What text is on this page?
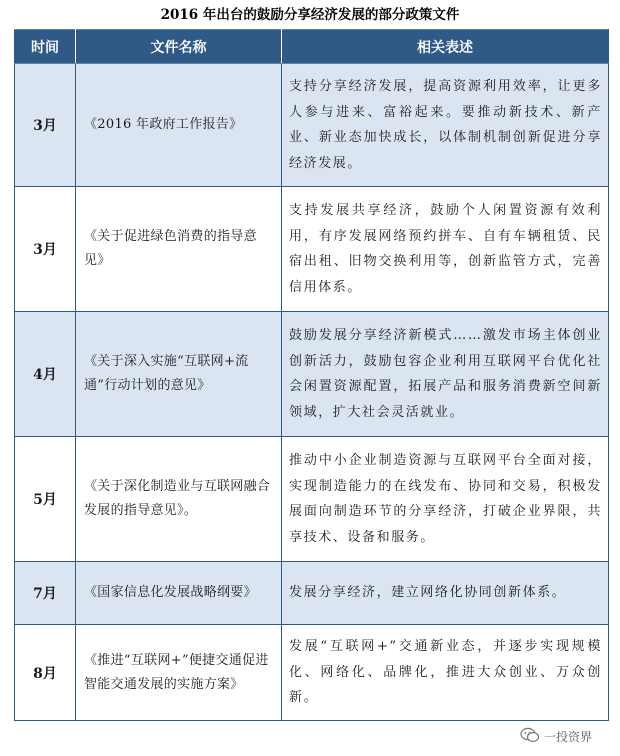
2016 年出台的鼓励分享经济发展的部分政策文件
时间	文件名称	相关表述
3月	《2016 年政府工作报告》	支持分享经济发展，提高资源利用效率，让更多人参与进来、富裕起来。要推动新技术、新产业、新业态加快成长，以体制机制创新促进分享经济发展。
3月	《关于促进绿色消费的指导意见》	支持发展共享经济，鼓励个人闲置资源有效利用，有序发展网络预约拼车、自有车辆租赁、民宿出租、旧物交换利用等，创新监管方式，完善信用体系。
4月	《关于深入实施“互联网+流通”行动计划的意见》	鼓励发展分享经济新模式……激发市场主体创业创新活力，鼓励包容企业利用互联网平台优化社会闲置资源配置，拓展产品和服务消费新空间新领域，扩大社会灵活就业。
5月	《关于深化制造业与互联网融合发展的指导意见》。	推动中小企业制造资源与互联网平台全面对接，实现制造能力的在线发布、协同和交易，积极发展面向制造环节的分享经济，打破企业界限，共享技术、设备和服务。
7月	《国家信息化发展战略纲要》	发展分享经济，建立网络化协同创新体系。
8月	《推进“互联网+”便捷交通促进智能交通发展的实施方案》	发展“互联网+”交通新业态，并逐步实现规模化、网络化、品牌化，推进大众创业、万众创新。
一投资界
